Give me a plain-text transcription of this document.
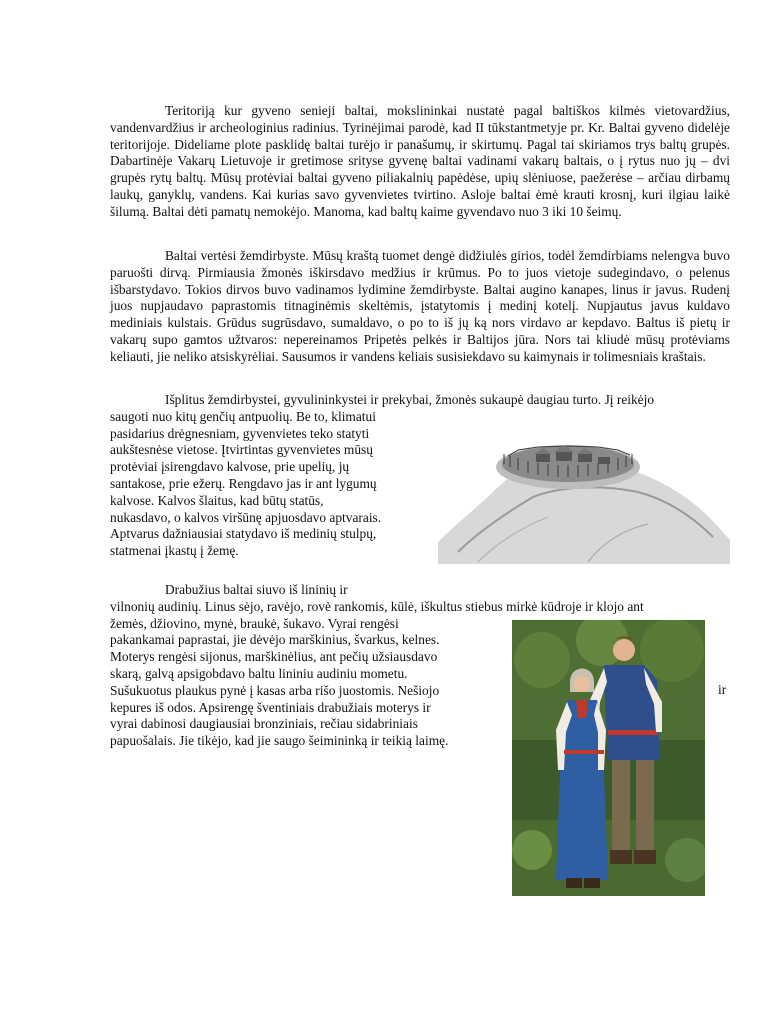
Teritoriją kur gyveno senieji baltai, mokslininkai nustatė pagal baltiškos kilmės vietovardžius, vandenvardžius ir archeologinius radinius. Tyrinėjimai parodė, kad II tūkstantmetyje pr. Kr. Baltai gyveno didelėje teritorijoje. Dideliame plote pasklidę baltai turėjo ir panašumų, ir skirtumų. Pagal tai skiriamos trys baltų grupės. Dabartinėje Vakarų Lietuvoje ir gretimose srityse gyvenę baltai vadinami vakarų baltais, o į rytus nuo jų – dvi grupės rytų baltų. Mūsų protėviai baltai gyveno piliakalnių papėdėse, upių slėniuose, paežerėse – arčiau dirbamų laukų, ganyklų, vandens. Kai kurias savo gyvenvietes tvirtino. Asloje baltai ėmė krauti krosnį, kuri ilgiau laikė šilumą. Baltai dėti pamatų nemokėjo. Manoma, kad baltų kaime gyvendavo nuo 3 iki 10 šeimų.

Baltai vertėsi žemdirbyste. Mūsų kraštą tuomet dengė didžiulės girios, todėl žemdirbiams nelengva buvo paruošti dirvą. Pirmiausia žmonės iškirsdavo medžius ir krūmus. Po to juos vietoje sudegindavo, o pelenus išbarstydavo. Tokios dirvos buvo vadinamos lydimine žemdirbyste. Baltai augino kanapes, linus ir javus. Rudenį juos nupjaudavo paprastomis titnaginėmis skeltėmis, įstatytomis į medinį kotelį. Nupjautus javus kuldavo mediniais kulstais. Grūdus sugrūsdavo, sumaldavo, o po to iš jų ką nors virdavo ar kepdavo. Baltus iš pietų ir vakarų supo gamtos užtvaros: nepereinamos Pripetės pelkės ir Baltijos jūra. Nors tai kliudė mūsų protėviams keliauti, jie neliko atsiskyrėliai. Sausumos ir vandens keliais susisiekdavo su kaimynais ir tolimesniais kraštais.

Išplitus žemdirbystei, gyvulininkystei ir prekybai, žmonės sukaupė daugiau turto. Jį reikėjo
saugoti nuo kitų genčių antpuolių. Be to, klimatui
pasidarius drėgnesniam, gyvenvietes teko statyti
aukštesnėse vietose. Įtvirtintas gyvenvietes mūsų
protėviai įsirengdavo kalvose, prie upelių, jų
santakose, prie ežerų. Rengdavo jas ir ant lygumų
kalvose. Kalvos šlaitus, kad būtų statūs,
nukasdavo, o kalvos viršūnę apjuosdavo aptvarais.
Aptvarus dažniausiai statydavo iš medinių stulpų,
statmenai įkastų į žemę.
Drabužius baltai siuvo iš lininių ir
vilnonių audinių. Linus sėjo, ravėjo, rovė rankomis, kūlė, iškultus stiebus mirkė kūdroje ir klojo ant
žemės, džiovino, mynė, braukė, šukavo. Vyrai rengėsi
pakankamai paprastai, jie dėvėjo marškinius, švarkus, kelnes.
Moterys rengėsi sijonus, marškinėlius, ant pečių užsiausdavo
skarą, galvą apsigobdavo baltu lininiu audiniu mometu.
Sušukuotus plaukus pynė į kasas arba rišo juostomis. Nešiojo
kepures iš odos. Apsirengę šventiniais drabužiais moterys ir
vyrai dabinosi daugiausiai bronziniais, rečiau sidabriniais
papuošalais. Jie tikėjo, kad jie saugo šeimininką ir teikią laimę.
ir
